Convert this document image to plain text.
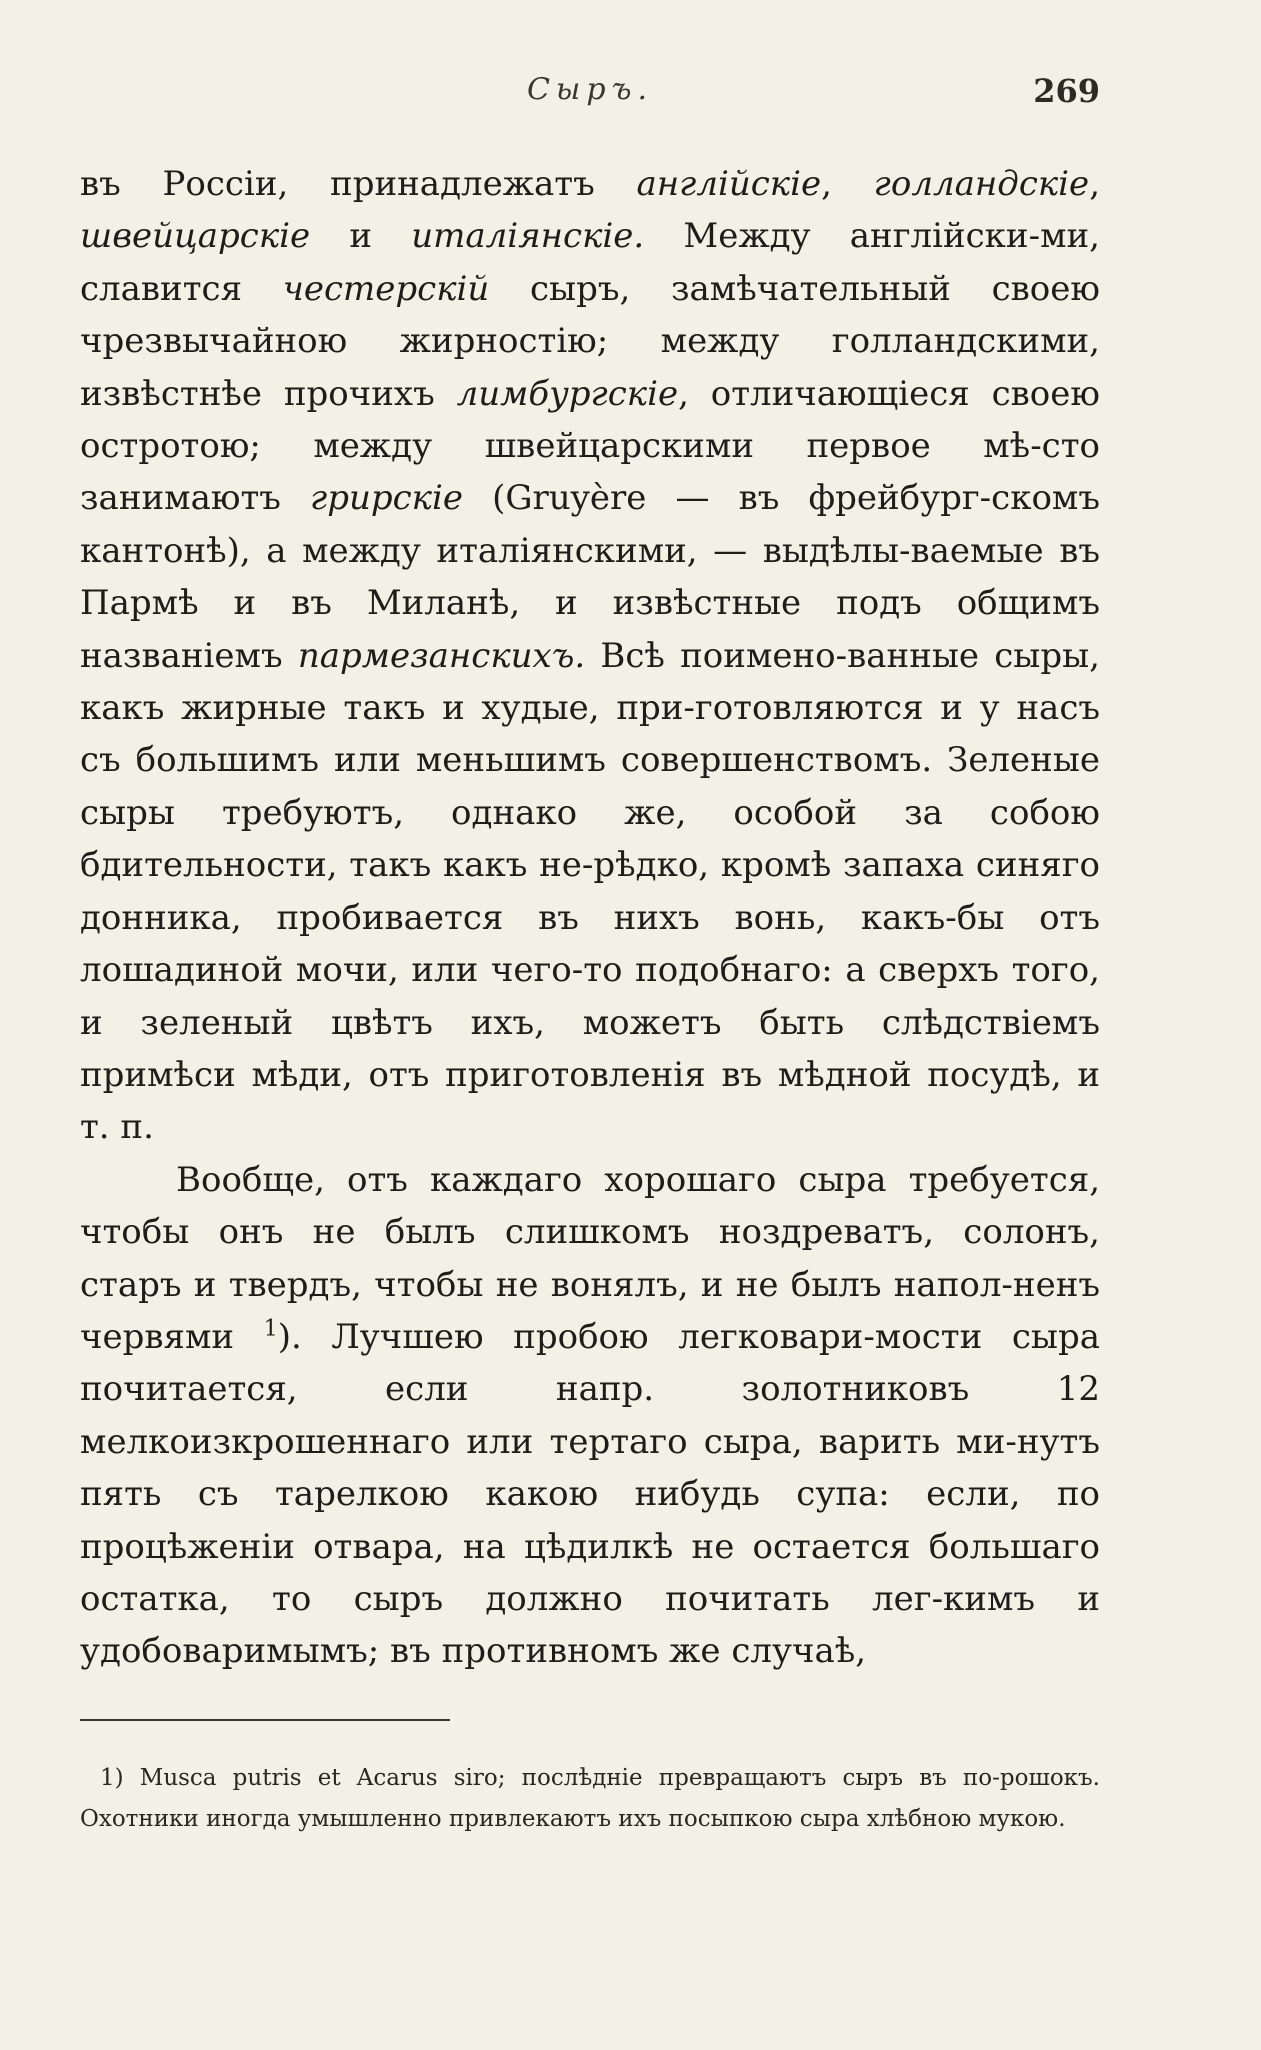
Сыръ.	269

въ Россіи, принадлежатъ англійскіе, голландскіе, швейцарскіе и италіянскіе. Между англійски-ми, славится честерскій сыръ, замѣчательный своею чрезвычайною жирностію; между голландскими, извѣстнѣе прочихъ лимбургскіе, отличающіеся своею остротою; между швейцарскими первое мѣ-сто занимаютъ грирскіе (Gruyère — въ фрейбург-скомъ кантонѣ), а между италіянскими, — выдѣлы-ваемые въ Пармѣ и въ Миланѣ, и извѣстные подъ общимъ названіемъ пармезанскихъ. Всѣ поимено-ванные сыры, какъ жирные такъ и худые, при-готовляются и у насъ съ большимъ или меньшимъ совершенствомъ. Зеленые сыры требуютъ, однако же, особой за собою бдительности, такъ какъ не-рѣдко, кромѣ запаха синяго донника, пробивается въ нихъ вонь, какъ-бы отъ лошадиной мочи, или чего-то подобнаго: а сверхъ того, и зеленый цвѣтъ ихъ, можетъ быть слѣдствіемъ примѣси мѣди, отъ приготовленія въ мѣдной посудѣ, и т. п.

Вообще, отъ каждаго хорошаго сыра требуется, чтобы онъ не былъ слишкомъ ноздреватъ, солонъ, старъ и твердъ, чтобы не вонялъ, и не былъ напол-ненъ червями $^1$). Лучшею пробою легковари-мости сыра почитается, если напр. золотниковъ 12 мелкоизкрошеннаго или тертаго сыра, варить ми-нутъ пять съ тарелкою какою нибудь супа: если, по процѣженіи отвара, на цѣдилкѣ не остается большаго остатка, то сыръ должно почитать лег-кимъ и удобоваримымъ; въ противномъ же случаѣ,

1) Musca putris et Acarus siro; послѣдніе превращаютъ сыръ въ по-рошокъ. Охотники иногда умышленно привлекаютъ ихъ посыпкою сыра хлѣбною мукою.
